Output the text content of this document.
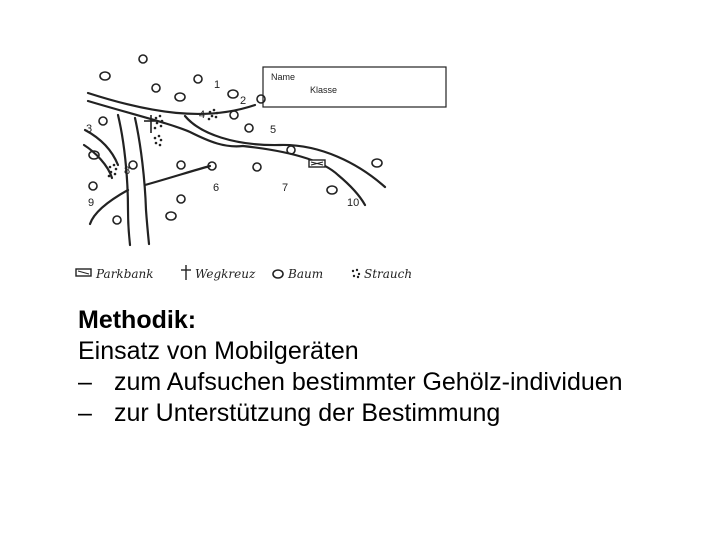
Name
Klasse
1
2
3
4
5
6	7
8
9	10
Parkbank	Wegkreuz	Baum	Strauch
Methodik:
Einsatz von Mobilgeräten
– zum Aufsuchen bestimmter Gehölz-individuen
– zur Unterstützung der Bestimmung
